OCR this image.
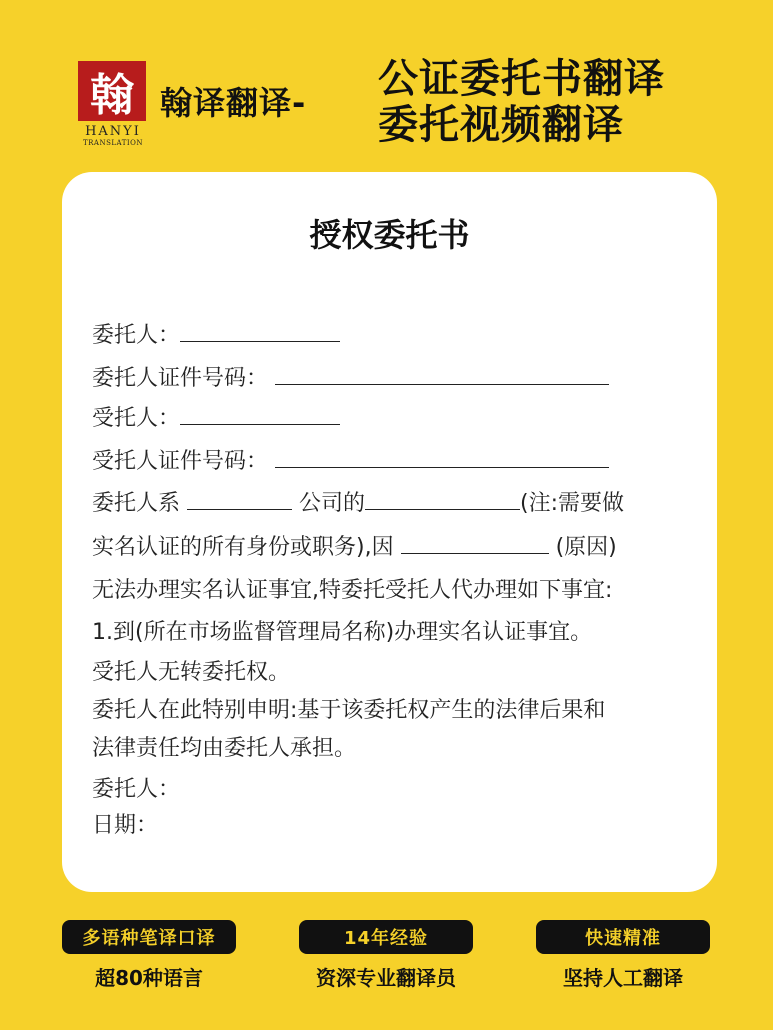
翰
HANYI
TRANSLATION
翰译翻译-
公证委托书翻译
委托视频翻译
授权委托书
委托人：
委托人证件号码：
受托人：
受托人证件号码：
委托人系	公司的	(注:需要做
实名认证的所有身份或职务),因	(原因)
无法办理实名认证事宜,特委托受托人代办理如下事宜:
1.到(所在市场监督管理局名称)办理实名认证事宜。
受托人无转委托权。
委托人在此特别申明:基于该委托权产生的法律后果和
法律责任均由委托人承担。
委托人：
日期：
多语种笔译口译
超80种语言
14年经验
资深专业翻译员
快速精准
坚持人工翻译
